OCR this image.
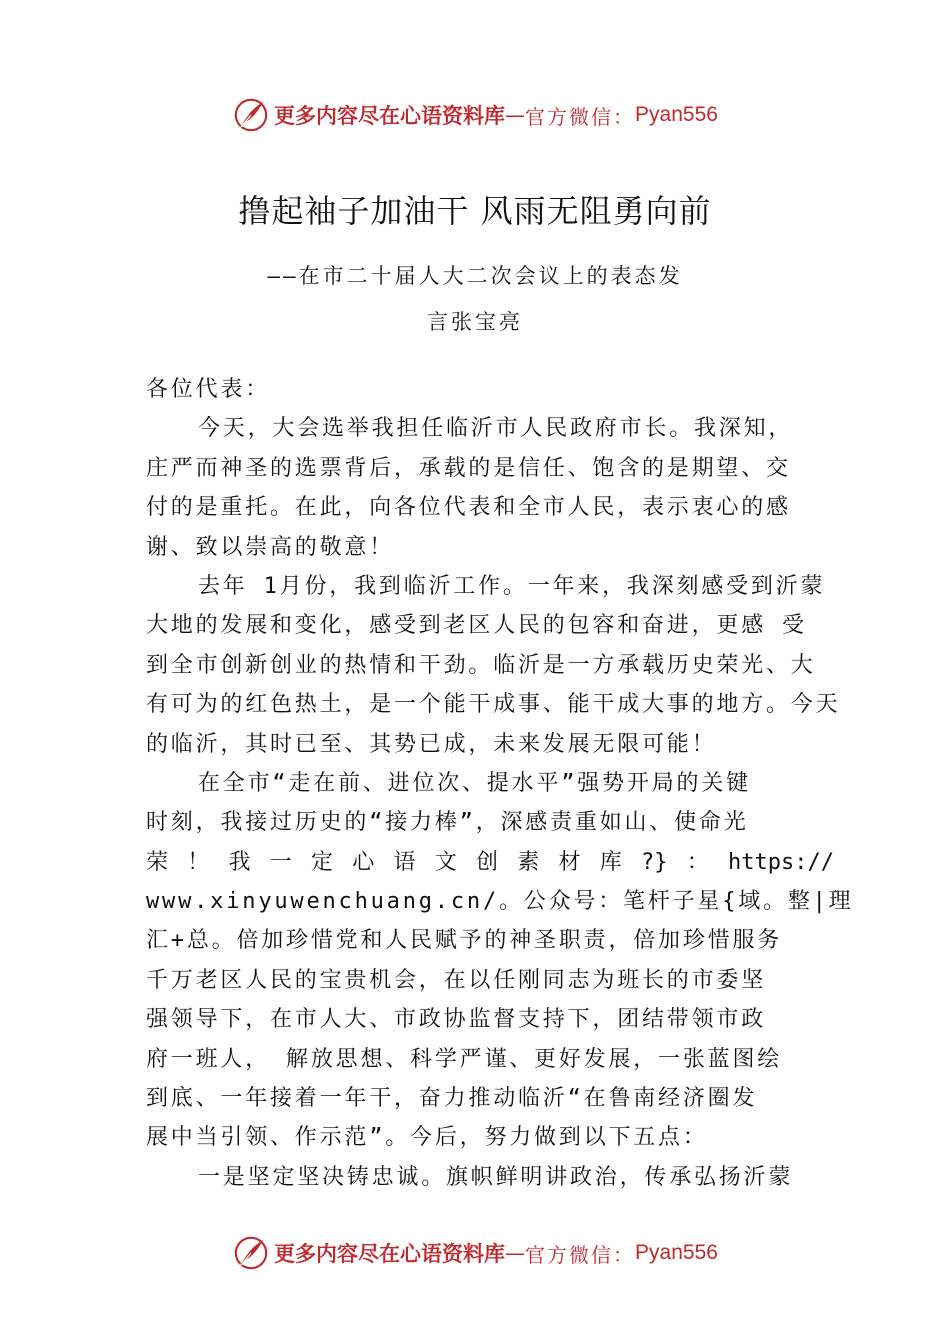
更多内容尽在心语资料库 — 官方微信： Pyan556
撸起袖子加油干 风雨无阻勇向前
——在市二十届人大二次会议上的表态发
言张宝亮
各位代表：
今天，大会选举我担任临沂市人民政府市长。我深知，
庄严而神圣的选票背后，承载的是信任、饱含的是期望、交
付的是重托。在此，向各位代表和全市人民，表示衷心的感
谢、致以崇高的敬意！
去年 1月份，我到临沂工作。一年来，我深刻感受到沂蒙
大地的发展和变化，感受到老区人民的包容和奋进，更感 受
到全市创新创业的热情和干劲。临沂是一方承载历史荣光、大
有可为的红色热土，是一个能干成事、能干成大事的地方。今天
的临沂，其时已至、其势已成，未来发展无限可能！
在全市“走在前、进位次、提水平”强势开局的关键
时刻，我接过历史的“接力棒”，深感责重如山、使命光
荣 ！ 我 一 定 心 语 文 创 素 材 库 ?} ： https://
www.xinyuwenchuang.cn/。公众号：笔杆子星{域。整|理
汇+总。倍加珍惜党和人民赋予的神圣职责，倍加珍惜服务
千万老区人民的宝贵机会，在以任刚同志为班长的市委坚
强领导下，在市人大、市政协监督支持下，团结带领市政
府一班人， 解放思想、科学严谨、更好发展，一张蓝图绘
到底、一年接着一年干，奋力推动临沂“在鲁南经济圈发
展中当引领、作示范”。今后，努力做到以下五点：
一是坚定坚决铸忠诚。旗帜鲜明讲政治，传承弘扬沂蒙
更多内容尽在心语资料库 — 官方微信： Pyan556
